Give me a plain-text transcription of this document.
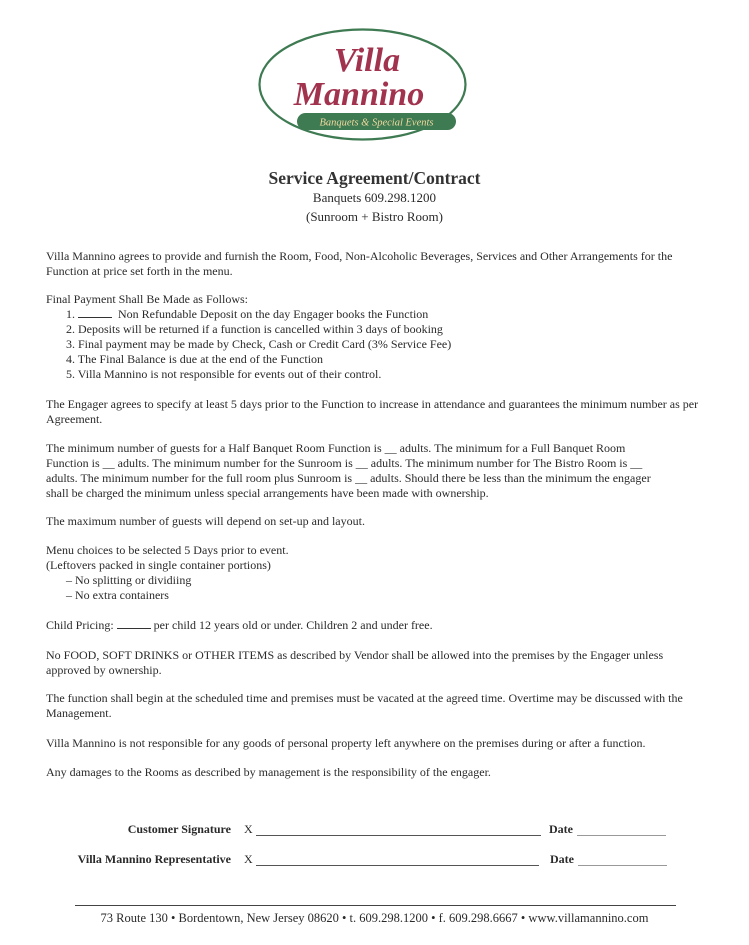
Villa
Mannino
Banquets & Special Events
Service Agreement/Contract
Banquets 609.298.1200
(Sunroom + Bistro Room)
Villa Mannino agrees to provide and furnish the Room, Food, Non-Alcoholic Beverages, Services and Other Arrangements for the Function at price set forth in the menu.
Final Payment Shall Be Made as Follows:
1.	Non Refundable Deposit on the day Engager books the Function
2. Deposits will be returned if a function is cancelled within 3 days of booking
3. Final payment may be made by Check, Cash or Credit Card (3% Service Fee)
4. The Final Balance is due at the end of the Function
5. Villa Mannino is not responsible for events out of their control.
The Engager agrees to specify at least 5 days prior to the Function to increase in attendance and guarantees the minimum number as per Agreement.
The minimum number of guests for a Half Banquet Room Function is __ adults. The minimum for a Full Banquet Room
Function is __ adults. The minimum number for the Sunroom is __ adults. The minimum number for The Bistro Room is __
adults. The minimum number for the full room plus Sunroom is __ adults. Should there be less than the minimum the engager
shall be charged the minimum unless special arrangements have been made with ownership.
The maximum number of guests will depend on set-up and layout.
Menu choices to be selected 5 Days prior to event.
(Leftovers packed in single container portions)
– No splitting or dividiing
– No extra containers
Child Pricing:	per child 12 years old or under. Children 2 and under free.
No FOOD, SOFT DRINKS or OTHER ITEMS as described by Vendor shall be allowed into the premises by the Engager unless approved by ownership.
The function shall begin at the scheduled time and premises must be vacated at the agreed time. Overtime may be discussed with the Management.
Villa Mannino is not responsible for any goods of personal property left anywhere on the premises during or after a function.
Any damages to the Rooms as described by management is the responsibility of the engager.
Customer Signature X	Date
Villa Mannino Representative X	Date
73 Route 130 • Bordentown, New Jersey 08620 • t. 609.298.1200 • f. 609.298.6667 • www.villamannino.com
